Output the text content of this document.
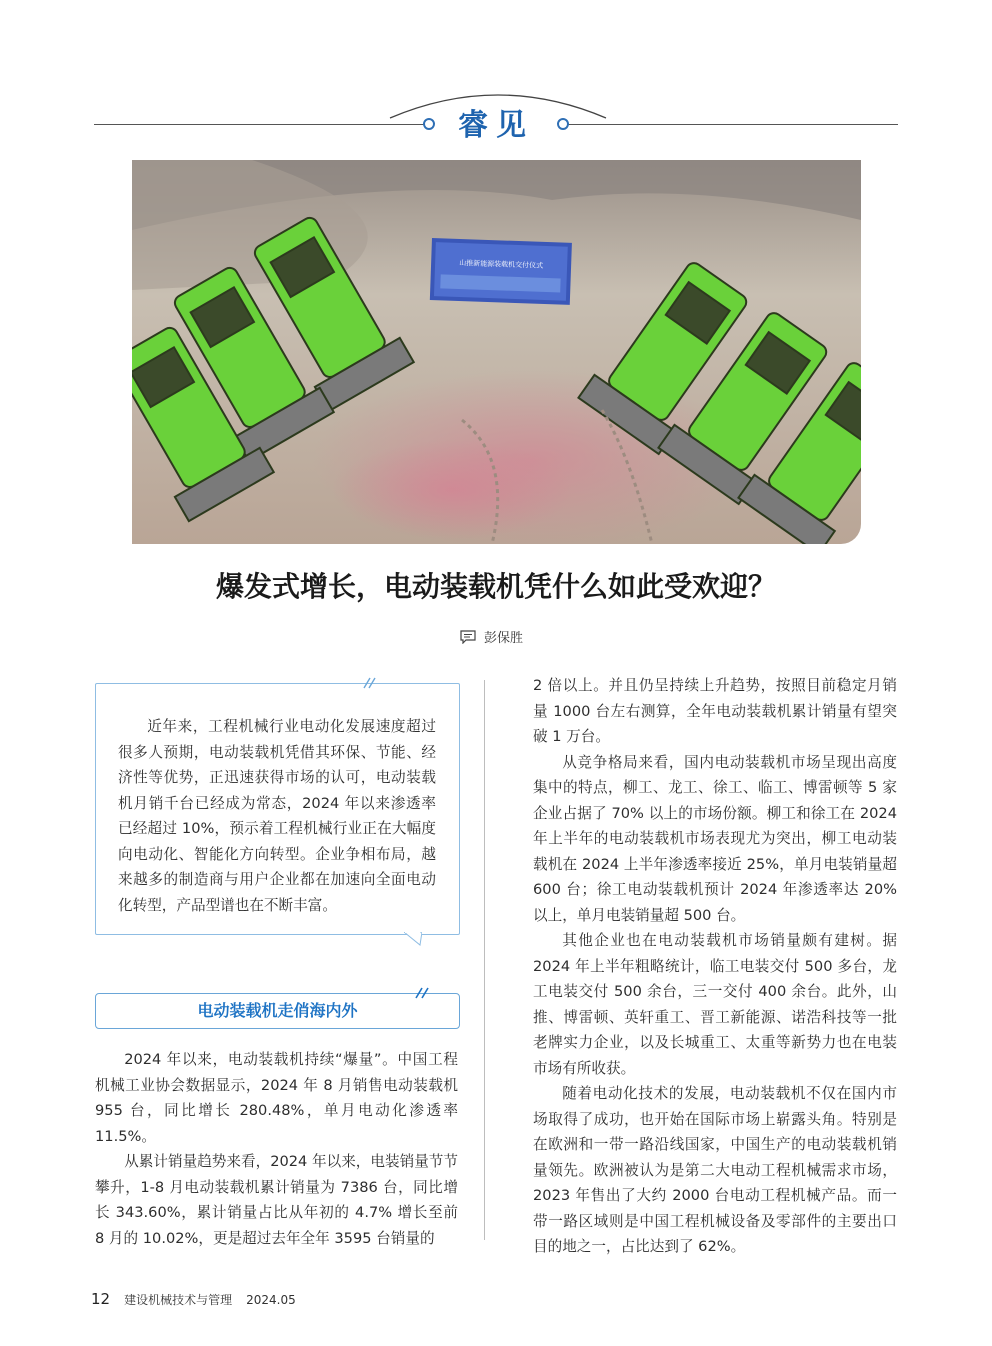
睿见
山推新能源装载机交付仪式
爆发式增长，电动装载机凭什么如此受欢迎？
彭保胜

近年来，工程机械行业电动化发展速度超过很多人预期，电动装载机凭借其环保、节能、经济性等优势，正迅速获得市场的认可，电动装载机月销千台已经成为常态，2024 年以来渗透率已经超过 10%，预示着工程机械行业正在大幅度向电动化、智能化方向转型。企业争相布局，越来越多的制造商与用户企业都在加速向全面电动化转型，产品型谱也在不断丰富。

电动装载机走俏海内外

2024 年以来，电动装载机持续“爆量”。中国工程机械工业协会数据显示，2024 年 8 月销售电动装载机 955 台，同比增长 280.48%，单月电动化渗透率 11.5%。

从累计销量趋势来看，2024 年以来，电装销量节节攀升，1-8 月电动装载机累计销量为 7386 台，同比增长 343.60%，累计销量占比从年初的 4.7% 增长至前 8 月的 10.02%，更是超过去年全年 3595 台销量的

2 倍以上。并且仍呈持续上升趋势，按照目前稳定月销量 1000 台左右测算，全年电动装载机累计销量有望突破 1 万台。

从竞争格局来看，国内电动装载机市场呈现出高度集中的特点，柳工、龙工、徐工、临工、博雷顿等 5 家企业占据了 70% 以上的市场份额。柳工和徐工在 2024 年上半年的电动装载机市场表现尤为突出，柳工电动装载机在 2024 上半年渗透率接近 25%，单月电装销量超 600 台；徐工电动装载机预计 2024 年渗透率达 20% 以上，单月电装销量超 500 台。

其他企业也在电动装载机市场销量颇有建树。据 2024 年上半年粗略统计，临工电装交付 500 多台，龙工电装交付 500 余台，三一交付 400 余台。此外，山推、博雷顿、英轩重工、晋工新能源、诺浩科技等一批老牌实力企业，以及长城重工、太重等新势力也在电装市场有所收获。

随着电动化技术的发展，电动装载机不仅在国内市场取得了成功，也开始在国际市场上崭露头角。特别是在欧洲和一带一路沿线国家，中国生产的电动装载机销量领先。欧洲被认为是第二大电动工程机械需求市场，2023 年售出了大约 2000 台电动工程机械产品。而一带一路区域则是中国工程机械设备及零部件的主要出口目的地之一，占比达到了 62%。

12 建设机械技术与管理 2024.05
